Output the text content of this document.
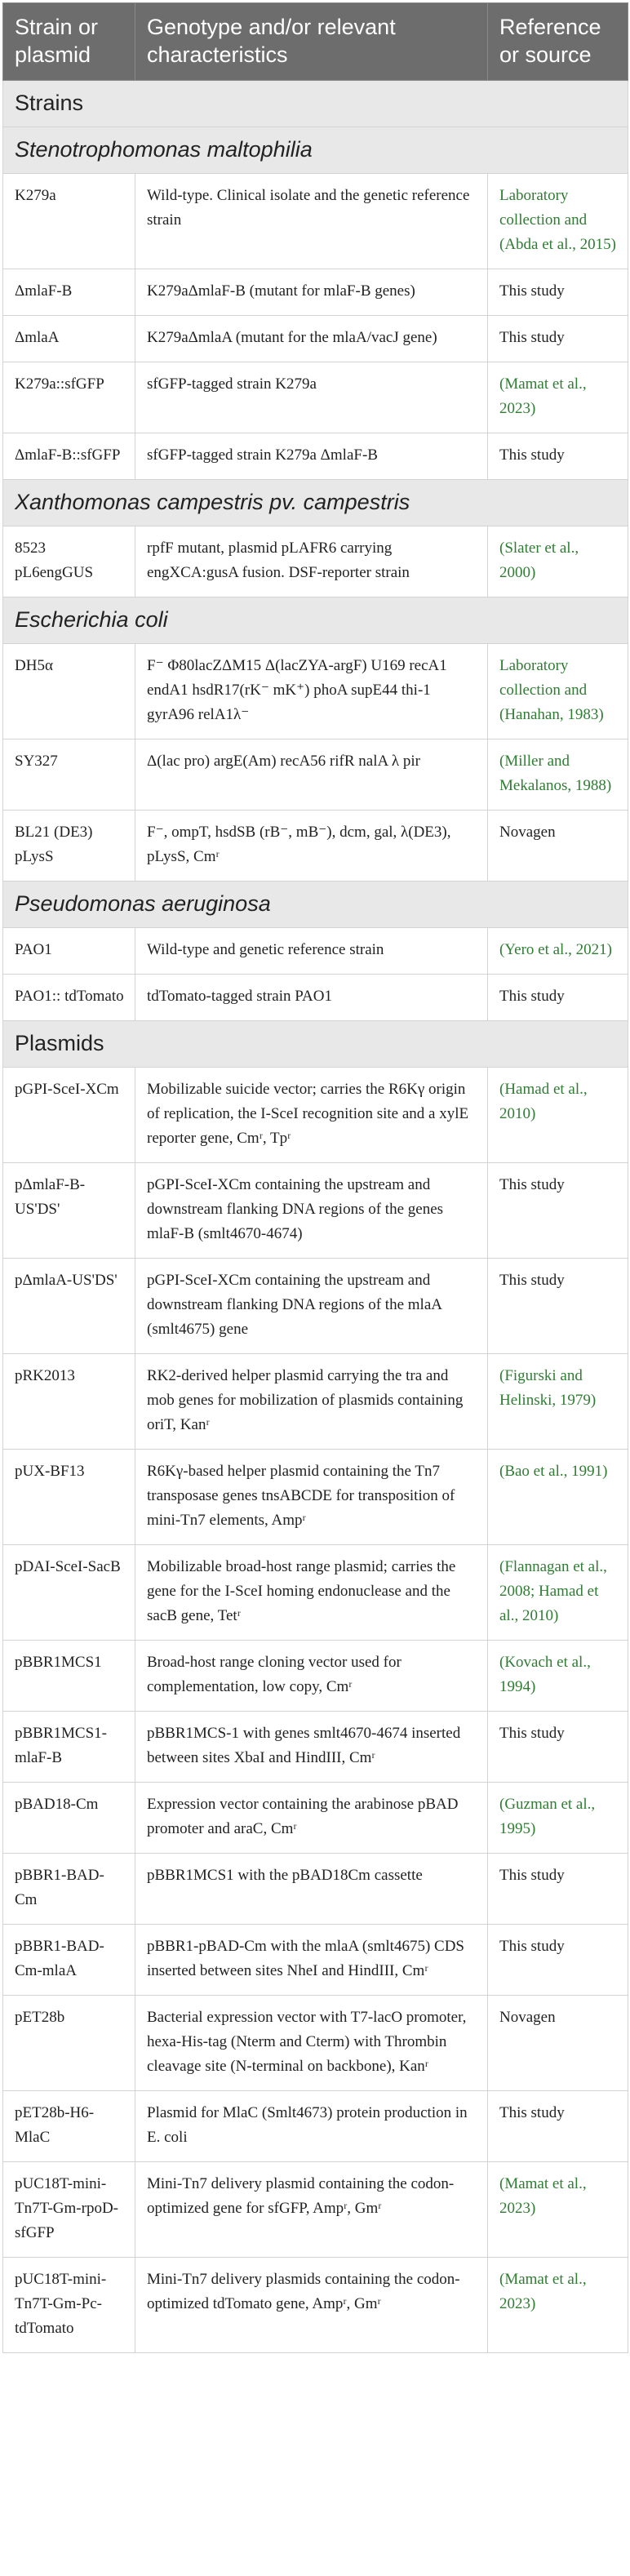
Strain or plasmid	Genotype and/or relevant characteristics	Reference or source
Strains		
Stenotrophomonas maltophilia		
K279a	Wild-type. Clinical isolate and the genetic reference strain	Laboratory collection and (Abda et al., 2015)
ΔmlaF-B	K279aΔmlaF-B (mutant for mlaF-B genes)	This study
ΔmlaA	K279aΔmlaA (mutant for the mlaA/vacJ gene)	This study
K279a::sfGFP	sfGFP-tagged strain K279a	(Mamat et al., 2023)
ΔmlaF-B::sfGFP	sfGFP-tagged strain K279a ΔmlaF-B	This study
Xanthomonas campestris pv. campestris		
8523 pL6engGUS	rpfF mutant, plasmid pLAFR6 carrying engXCA:gusA fusion. DSF-reporter strain	(Slater et al., 2000)
Escherichia coli		
DH5α	F⁻ Φ80lacZΔM15 Δ(lacZYA-argF) U169 recA1 endA1 hsdR17(rK⁻ mK⁺) phoA supE44 thi-1 gyrA96 relA1λ⁻	Laboratory collection and (Hanahan, 1983)
SY327	Δ(lac pro) argE(Am) recA56 rifR nalA λ pir	(Miller and Mekalanos, 1988)
BL21 (DE3) pLysS	F⁻, ompT, hsdSB (rB⁻, mB⁻), dcm, gal, λ(DE3), pLysS, Cmʳ	Novagen
Pseudomonas aeruginosa		
PAO1	Wild-type and genetic reference strain	(Yero et al., 2021)
PAO1:: tdTomato	tdTomato-tagged strain PAO1	This study
Plasmids		
pGPI-SceI-XCm	Mobilizable suicide vector; carries the R6Kγ origin of replication, the I-SceI recognition site and a xylE reporter gene, Cmʳ, Tpʳ	(Hamad et al., 2010)
pΔmlaF-B-US'DS'	pGPI-SceI-XCm containing the upstream and downstream flanking DNA regions of the genes mlaF-B (smlt4670-4674)	This study
pΔmlaA-US'DS'	pGPI-SceI-XCm containing the upstream and downstream flanking DNA regions of the mlaA (smlt4675) gene	This study
pRK2013	RK2-derived helper plasmid carrying the tra and mob genes for mobilization of plasmids containing oriT, Kanʳ	(Figurski and Helinski, 1979)
pUX-BF13	R6Kγ-based helper plasmid containing the Tn7 transposase genes tnsABCDE for transposition of mini-Tn7 elements, Ampʳ	(Bao et al., 1991)
pDAI-SceI-SacB	Mobilizable broad-host range plasmid; carries the gene for the I-SceI homing endonuclease and the sacB gene, Tetʳ	(Flannagan et al., 2008; Hamad et al., 2010)
pBBR1MCS1	Broad-host range cloning vector used for complementation, low copy, Cmʳ	(Kovach et al., 1994)
pBBR1MCS1-mlaF-B	pBBR1MCS-1 with genes smlt4670-4674 inserted between sites XbaI and HindIII, Cmʳ	This study
pBAD18-Cm	Expression vector containing the arabinose pBAD promoter and araC, Cmʳ	(Guzman et al., 1995)
pBBR1-BAD-Cm	pBBR1MCS1 with the pBAD18Cm cassette	This study
pBBR1-BAD-Cm-mlaA	pBBR1-pBAD-Cm with the mlaA (smlt4675) CDS inserted between sites NheI and HindIII, Cmʳ	This study
pET28b	Bacterial expression vector with T7-lacO promoter, hexa-His-tag (Nterm and Cterm) with Thrombin cleavage site (N-terminal on backbone), Kanʳ	Novagen
pET28b-H6-MlaC	Plasmid for MlaC (Smlt4673) protein production in E. coli	This study
pUC18T-mini-Tn7T-Gm-rpoD-sfGFP	Mini-Tn7 delivery plasmid containing the codon-optimized gene for sfGFP, Ampʳ, Gmʳ	(Mamat et al., 2023)
pUC18T-mini-Tn7T-Gm-Pc-tdTomato	Mini-Tn7 delivery plasmids containing the codon-optimized tdTomato gene, Ampʳ, Gmʳ	(Mamat et al., 2023)
